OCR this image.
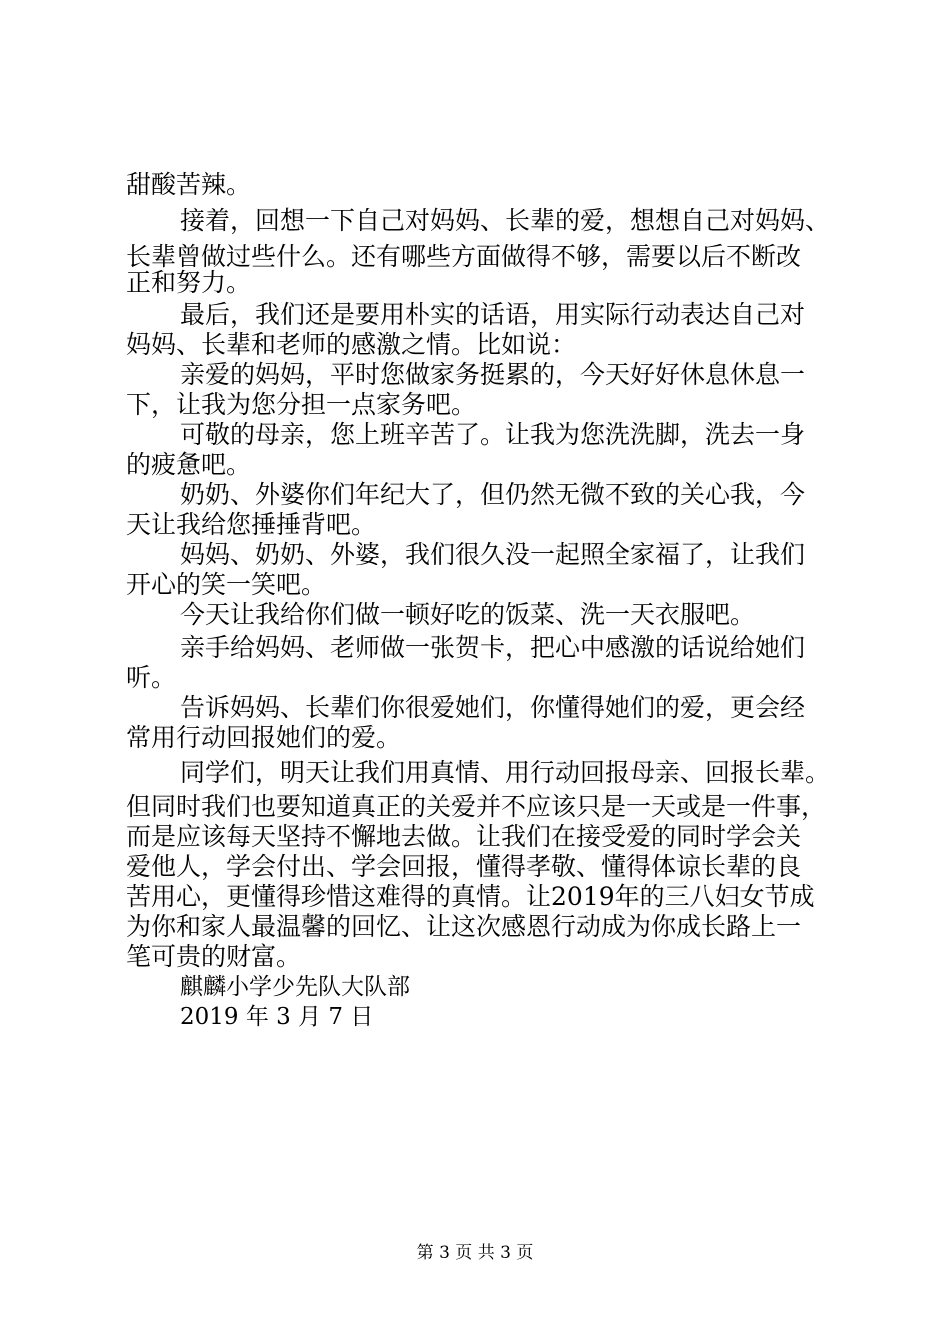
甜酸苦辣。
接着，回想一下自己对妈妈、长辈的爱，想想自己对妈妈、
长辈曾做过些什么。还有哪些方面做得不够，需要以后不断改
正和努力。
最后，我们还是要用朴实的话语，用实际行动表达自己对
妈妈、长辈和老师的感激之情。比如说：
亲爱的妈妈，平时您做家务挺累的，今天好好休息休息一
下，让我为您分担一点家务吧。
可敬的母亲，您上班辛苦了。让我为您洗洗脚，洗去一身
的疲惫吧。
奶奶、外婆你们年纪大了，但仍然无微不致的关心我，今
天让我给您捶捶背吧。
妈妈、奶奶、外婆，我们很久没一起照全家福了，让我们
开心的笑一笑吧。
今天让我给你们做一顿好吃的饭菜、洗一天衣服吧。
亲手给妈妈、老师做一张贺卡，把心中感激的话说给她们
听。
告诉妈妈、长辈们你很爱她们，你懂得她们的爱，更会经
常用行动回报她们的爱。
同学们，明天让我们用真情、用行动回报母亲、回报长辈。
但同时我们也要知道真正的关爱并不应该只是一天或是一件事，
而是应该每天坚持不懈地去做。让我们在接受爱的同时学会关
爱他人，学会付出、学会回报，懂得孝敬、懂得体谅长辈的良
苦用心，更懂得珍惜这难得的真情。让2019年的三八妇女节成
为你和家人最温馨的回忆、让这次感恩行动成为你成长路上一
笔可贵的财富。
麒麟小学少先队大队部
2019 年 3 月 7 日
第 3 页 共 3 页
